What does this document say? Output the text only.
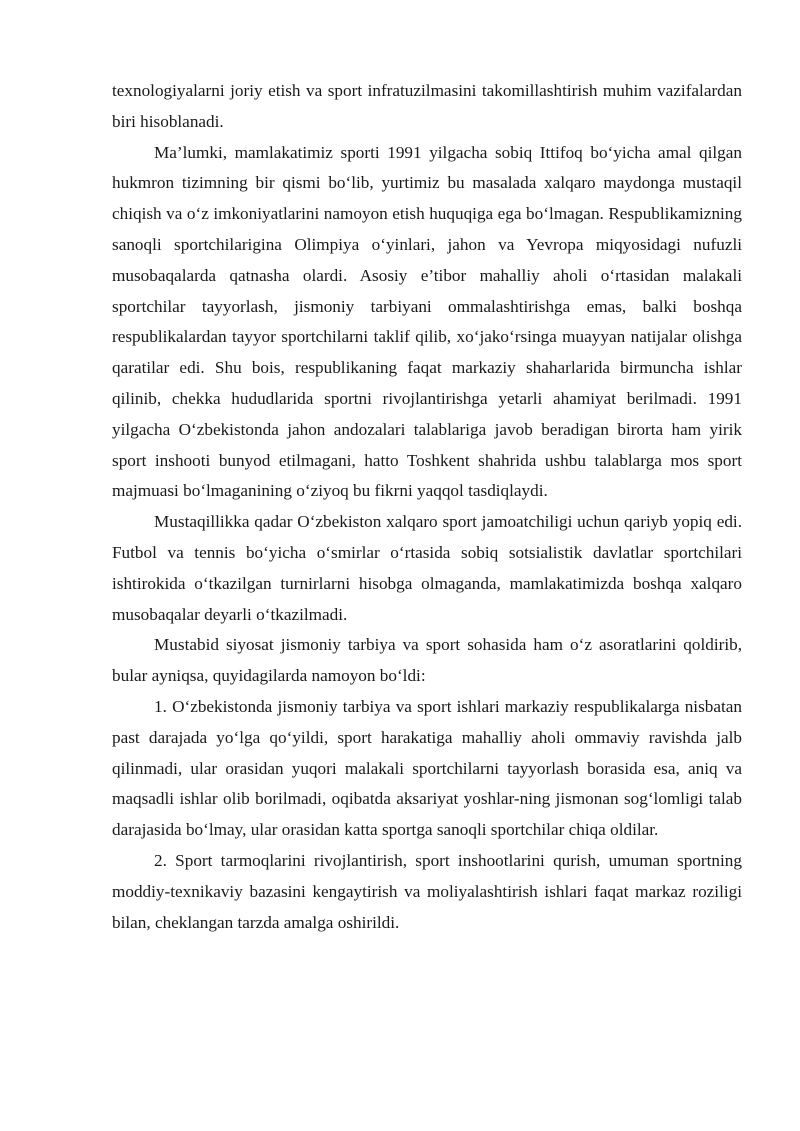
texnologiyalarni joriy etish va sport infratuzilmasini takomillashtirish muhim vazifalardan biri hisoblanadi.

Ma’lumki, mamlakatimiz sporti 1991 yilgacha sobiq Ittifoq bo‘yicha amal qilgan hukmron tizimning bir qismi bo‘lib, yurtimiz bu masalada xalqaro maydonga mustaqil chiqish va o‘z imkoniyatlarini namoyon etish huquqiga ega bo‘lmagan. Respublikamizning sanoqli sportchilarigina Olimpiya o‘yinlari, jahon va Yevropa miqyosidagi nufuzli musobaqalarda qatnasha olardi. Asosiy e’tibor mahalliy aholi o‘rtasidan malakali sportchilar tayyorlash, jismoniy tarbiyani ommalashtirishga emas, balki boshqa respublikalardan tayyor sportchilarni taklif qilib, xo‘jako‘rsinga muayyan natijalar olishga qaratilar edi. Shu bois, respublikaning faqat markaziy shaharlarida birmuncha ishlar qilinib, chekka hududlarida sportni rivojlantirishga yetarli ahamiyat berilmadi. 1991 yilgacha O‘zbekistonda jahon andozalari talablariga javob beradigan birorta ham yirik sport inshooti bunyod etilmagani, hatto Toshkent shahrida ushbu talablarga mos sport majmuasi bo‘lmaganining o‘ziyoq bu fikrni yaqqol tasdiqlaydi.

Mustaqillikka qadar O‘zbekiston xalqaro sport jamoatchiligi uchun qariyb yopiq edi. Futbol va tennis bo‘yicha o‘smirlar o‘rtasida sobiq sotsialistik davlatlar sportchilari ishtirokida o‘tkazilgan turnirlarni hisobga olmaganda, mamlakatimizda boshqa xalqaro musobaqalar deyarli o‘tkazilmadi.

Mustabid siyosat jismoniy tarbiya va sport sohasida ham o‘z asoratlarini qoldirib, bular ayniqsa, quyidagilarda namoyon bo‘ldi:

1. O‘zbekistonda jismoniy tarbiya va sport ishlari markaziy respublikalarga nisbatan past darajada yo‘lga qo‘yildi, sport harakatiga mahalliy aholi ommaviy ravishda jalb qilinmadi, ular orasidan yuqori malakali sportchilarni tayyorlash borasida esa, aniq va maqsadli ishlar olib borilmadi, oqibatda aksariyat yoshlar-ning jismonan sog‘lomligi talab darajasida bo‘lmay, ular orasidan katta sportga sanoqli sportchilar chiqa oldilar.

2. Sport tarmoqlarini rivojlantirish, sport inshootlarini qurish, umuman sportning moddiy-texnikaviy bazasini kengaytirish va moliyalashtirish ishlari faqat markaz roziligi bilan, cheklangan tarzda amalga oshirildi.
